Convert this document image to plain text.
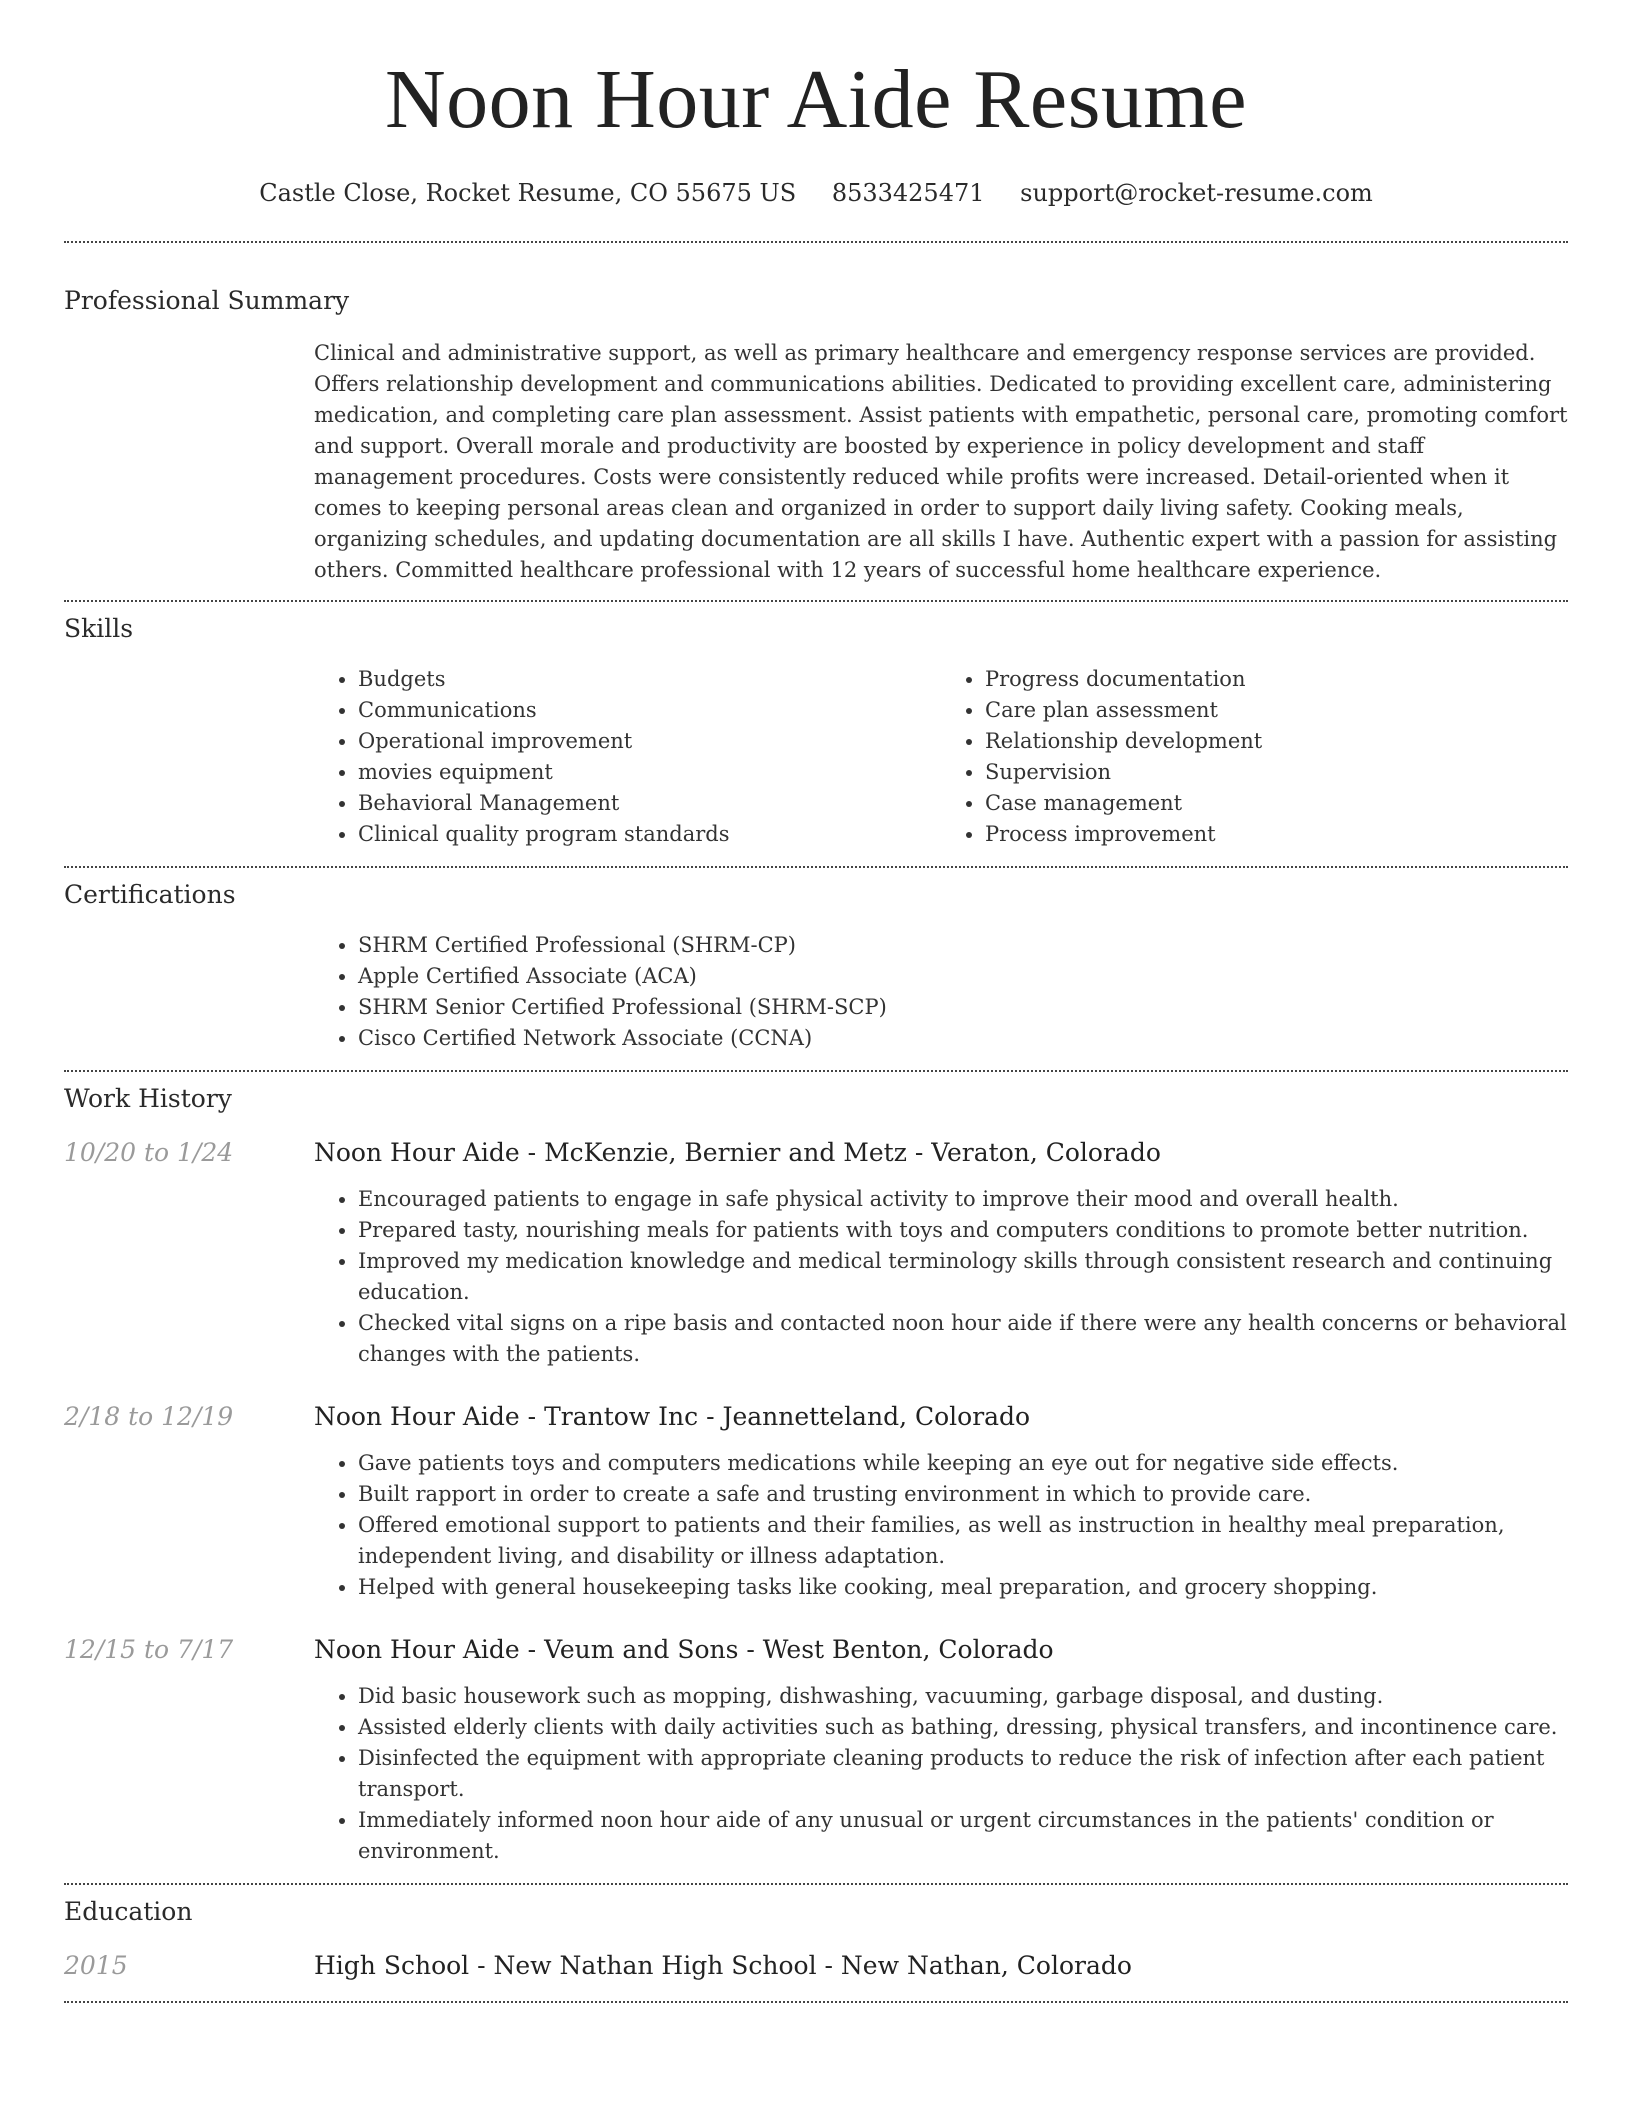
Noon Hour Aide Resume
Castle Close, Rocket Resume, CO 55675 US 8533425471 support@rocket-resume.com
Professional Summary

Clinical and administrative support, as well as primary healthcare and emergency response services are provided. Offers relationship development and communications abilities. Dedicated to providing excellent care, administering medication, and completing care plan assessment. Assist patients with empathetic, personal care, promoting comfort and support. Overall morale and productivity are boosted by experience in policy development and staff management procedures. Costs were consistently reduced while profits were increased. Detail-oriented when it comes to keeping personal areas clean and organized in order to support daily living safety. Cooking meals, organizing schedules, and updating documentation are all skills I have. Authentic expert with a passion for assisting others. Committed healthcare professional with 12 years of successful home healthcare experience.

Skills
• Budgets
• Communications
• Operational improvement
• movies equipment
• Behavioral Management
• Clinical quality program standards
• Progress documentation
• Care plan assessment
• Relationship development
• Supervision
• Case management
• Process improvement
Certifications
• SHRM Certified Professional (SHRM-CP)
• Apple Certified Associate (ACA)
• SHRM Senior Certified Professional (SHRM-SCP)
• Cisco Certified Network Associate (CCNA)
Work History
10/20 to 1/24	Noon Hour Aide - McKenzie, Bernier and Metz - Veraton, Colorado
• Encouraged patients to engage in safe physical activity to improve their mood and overall health.
• Prepared tasty, nourishing meals for patients with toys and computers conditions to promote better nutrition.
• Improved my medication knowledge and medical terminology skills through consistent research and continuing education.
• Checked vital signs on a ripe basis and contacted noon hour aide if there were any health concerns or behavioral changes with the patients.
2/18 to 12/19	Noon Hour Aide - Trantow Inc - Jeannetteland, Colorado
• Gave patients toys and computers medications while keeping an eye out for negative side effects.
• Built rapport in order to create a safe and trusting environment in which to provide care.
• Offered emotional support to patients and their families, as well as instruction in healthy meal preparation, independent living, and disability or illness adaptation.
• Helped with general housekeeping tasks like cooking, meal preparation, and grocery shopping.
12/15 to 7/17	Noon Hour Aide - Veum and Sons - West Benton, Colorado
• Did basic housework such as mopping, dishwashing, vacuuming, garbage disposal, and dusting.
• Assisted elderly clients with daily activities such as bathing, dressing, physical transfers, and incontinence care.
• Disinfected the equipment with appropriate cleaning products to reduce the risk of infection after each patient transport.
• Immediately informed noon hour aide of any unusual or urgent circumstances in the patients' condition or environment.
Education
2015	High School - New Nathan High School - New Nathan, Colorado
